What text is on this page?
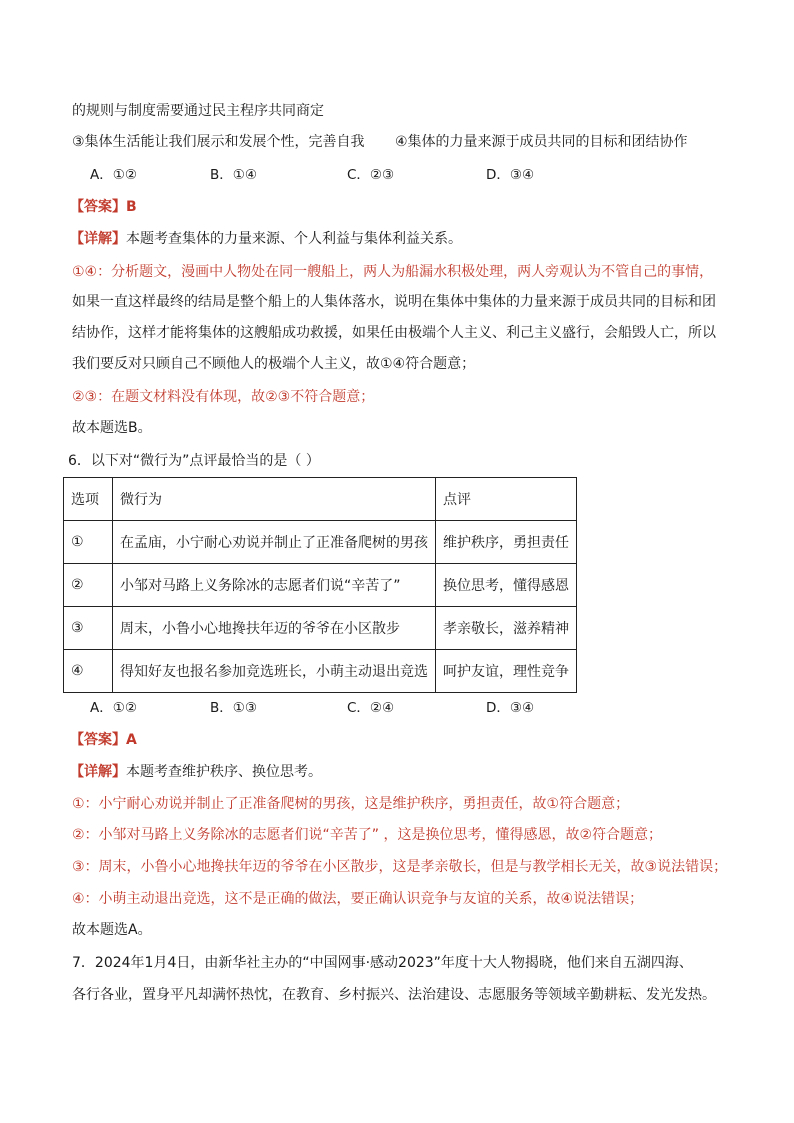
的规则与制度需要通过民主程序共同商定
③集体生活能让我们展示和发展个性，完善自我 ④集体的力量来源于成员共同的目标和团结协作
A．①②	B．①④	C．②③	D．③④
【答案】B
【详解】本题考查集体的力量来源、个人利益与集体利益关系。
①④：分析题文，漫画中人物处在同一艘船上，两人为船漏水积极处理，两人旁观认为不管自己的事情，
如果一直这样最终的结局是整个船上的人集体落水，说明在集体中集体的力量来源于成员共同的目标和团
结协作，这样才能将集体的这艘船成功救援，如果任由极端个人主义、利己主义盛行，会船毁人亡，所以
我们要反对只顾自己不顾他人的极端个人主义，故①④符合题意；
②③：在题文材料没有体现，故②③不符合题意；
故本题选B。
6．以下对“微行为”点评最恰当的是（ ）
选项	微行为	点评
①	在孟庙，小宁耐心劝说并制止了正准备爬树的男孩	维护秩序，勇担责任
②	小邹对马路上义务除冰的志愿者们说“辛苦了”	换位思考，懂得感恩
③	周末，小鲁小心地搀扶年迈的爷爷在小区散步	孝亲敬长，滋养精神
④	得知好友也报名参加竞选班长，小萌主动退出竞选	呵护友谊，理性竞争
A．①②	B．①③	C．②④	D．③④
【答案】A
【详解】本题考查维护秩序、换位思考。
①：小宁耐心劝说并制止了正准备爬树的男孩，这是维护秩序，勇担责任，故①符合题意；
②：小邹对马路上义务除冰的志愿者们说“辛苦了” ，这是换位思考，懂得感恩，故②符合题意；
③：周末，小鲁小心地搀扶年迈的爷爷在小区散步，这是孝亲敬长，但是与教学相长无关，故③说法错误；
④：小萌主动退出竞选，这不是正确的做法，要正确认识竞争与友谊的关系，故④说法错误；
故本题选A。
7．2024年1月4日，由新华社主办的“中国网事·感动2023”年度十大人物揭晓，他们来自五湖四海、
各行各业，置身平凡却满怀热忱，在教育、乡村振兴、法治建设、志愿服务等领域辛勤耕耘、发光发热。
